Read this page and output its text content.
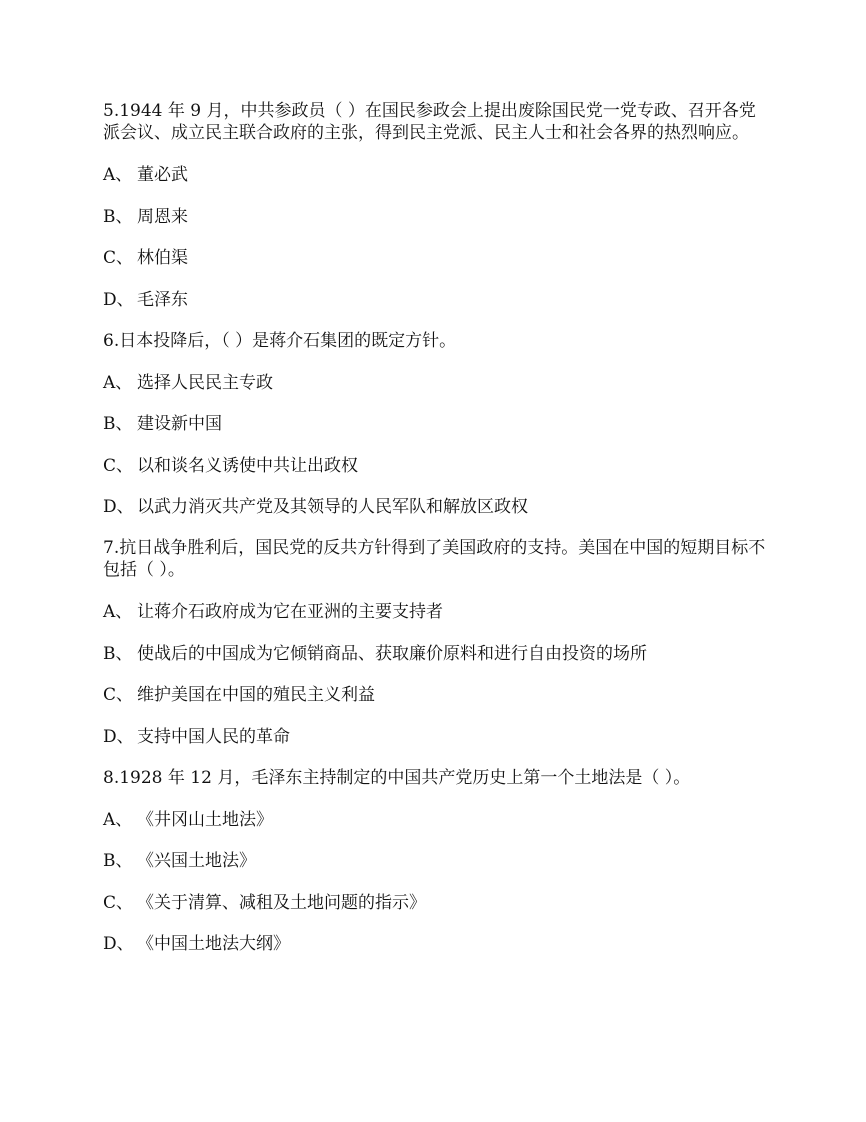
5.1944 年 9 月，中共参政员（ ）在国民参政会上提出废除国民党一党专政、召开各党派会议、成立民主联合政府的主张，得到民主党派、民主人士和社会各界的热烈响应。

A、 董必武

B、 周恩来

C、 林伯渠

D、 毛泽东

6.日本投降后，（ ）是蒋介石集团的既定方针。

A、 选择人民民主专政

B、 建设新中国

C、 以和谈名义诱使中共让出政权

D、 以武力消灭共产党及其领导的人民军队和解放区政权

7.抗日战争胜利后，国民党的反共方针得到了美国政府的支持。美国在中国的短期目标不包括（ ）。

A、 让蒋介石政府成为它在亚洲的主要支持者

B、 使战后的中国成为它倾销商品、获取廉价原料和进行自由投资的场所

C、 维护美国在中国的殖民主义利益

D、 支持中国人民的革命

8.1928 年 12 月，毛泽东主持制定的中国共产党历史上第一个土地法是（ ）。

A、 《井冈山土地法》

B、 《兴国土地法》

C、 《关于清算、减租及土地问题的指示》

D、 《中国土地法大纲》
